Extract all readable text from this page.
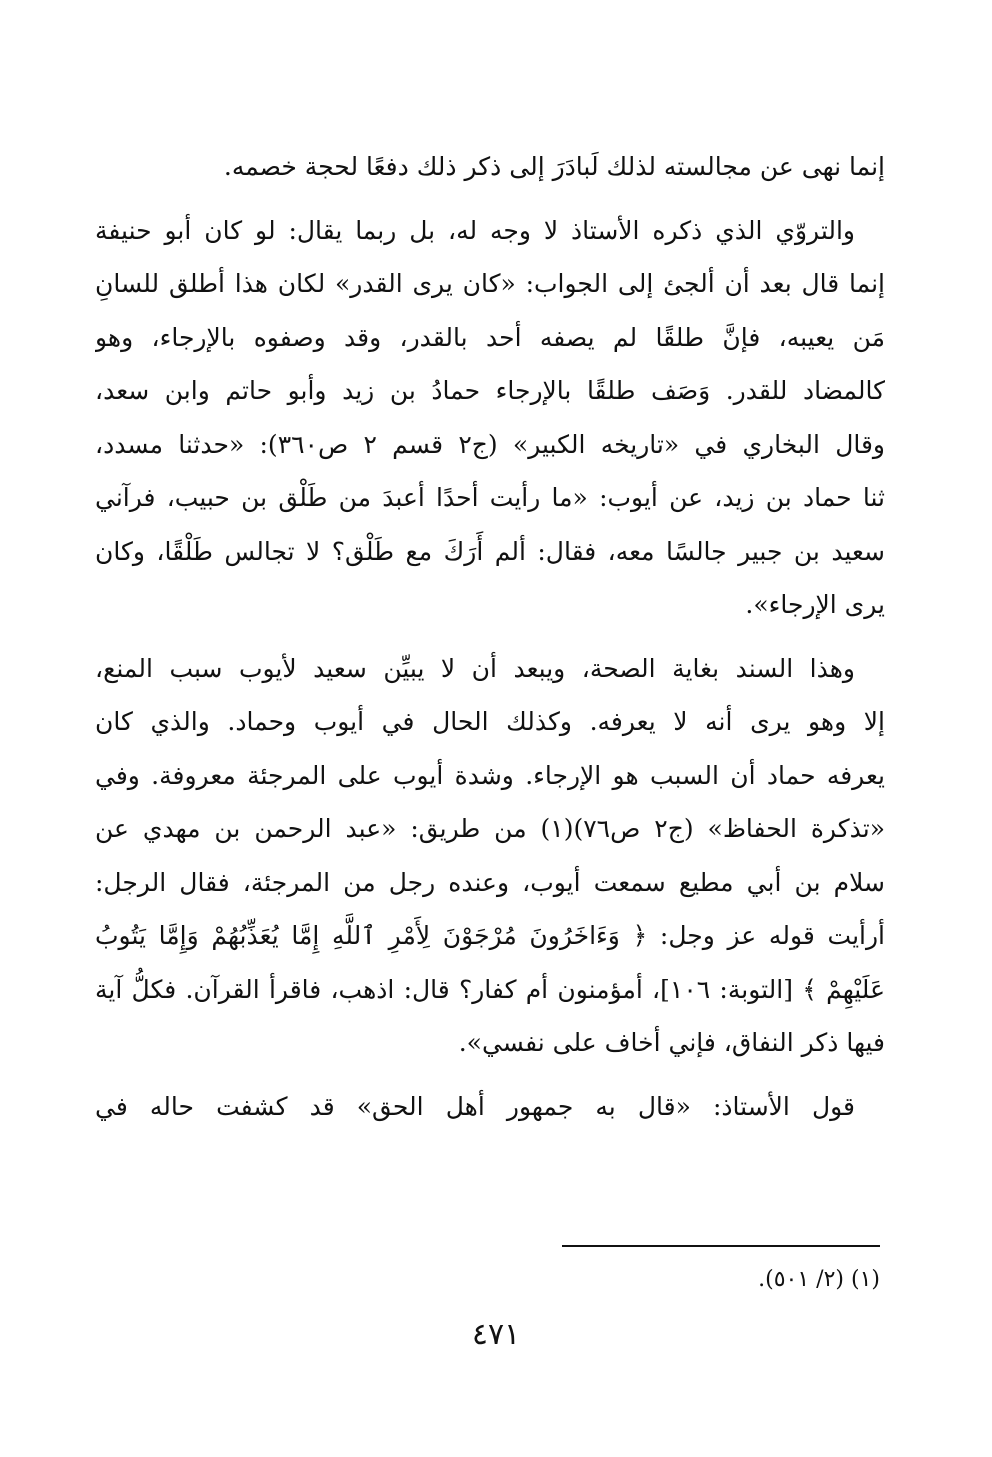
إنما نهى عن مجالسته لذلك لَبادَرَ إلى ذكر ذلك دفعًا لحجة خصمه.

والتروّي الذي ذكره الأستاذ لا وجه له، بل ربما يقال: لو كان أبو حنيفة
إنما قال بعد أن ألجئ إلى الجواب: «كان يرى القدر» لكان هذا أطلق للسانِ
مَن يعيبه، فإنَّ طلقًا لم يصفه أحد بالقدر، وقد وصفوه بالإرجاء، وهو
كالمضاد للقدر. وَصَف طلقًا بالإرجاء حمادُ بن زيد وأبو حاتم وابن سعد،
وقال البخاري في «تاريخه الكبير» (ج٢ قسم ٢ ص٣٦٠): «حدثنا مسدد،
ثنا حماد بن زيد، عن أيوب: «ما رأيت أحدًا أعبدَ من طَلْق بن حبيب، فرآني
سعيد بن جبير جالسًا معه، فقال: ألم أَرَكَ مع طَلْق؟ لا تجالس طَلْقًا، وكان
يرى الإرجاء».

وهذا السند بغاية الصحة، ويبعد أن لا يبيِّن سعيد لأيوب سبب المنع،
إلا وهو يرى أنه لا يعرفه. وكذلك الحال في أيوب وحماد. والذي كان
يعرفه حماد أن السبب هو الإرجاء. وشدة أيوب على المرجئة معروفة. وفي
«تذكرة الحفاظ» (ج٢ ص٧٦)(١) من طريق: «عبد الرحمن بن مهدي عن
سلام بن أبي مطيع سمعت أيوب، وعنده رجل من المرجئة، فقال الرجل:
أرأيت قوله عز وجل: ﴿ وَءَاخَرُونَ مُرْجَوْنَ لِأَمْرِ ٱللَّهِ إِمَّا يُعَذِّبُهُمْ وَإِمَّا يَتُوبُ
عَلَيْهِمْ ﴾ [التوبة: ١٠٦]، أمؤمنون أم كفار؟ قال: اذهب، فاقرأ القرآن. فكلُّ آية
فيها ذكر النفاق، فإني أخاف على نفسي».

قول الأستاذ: «قال به جمهور أهل الحق» قد كشفت حاله في

(١) (٢/ ٥٠١).
٤٧١
